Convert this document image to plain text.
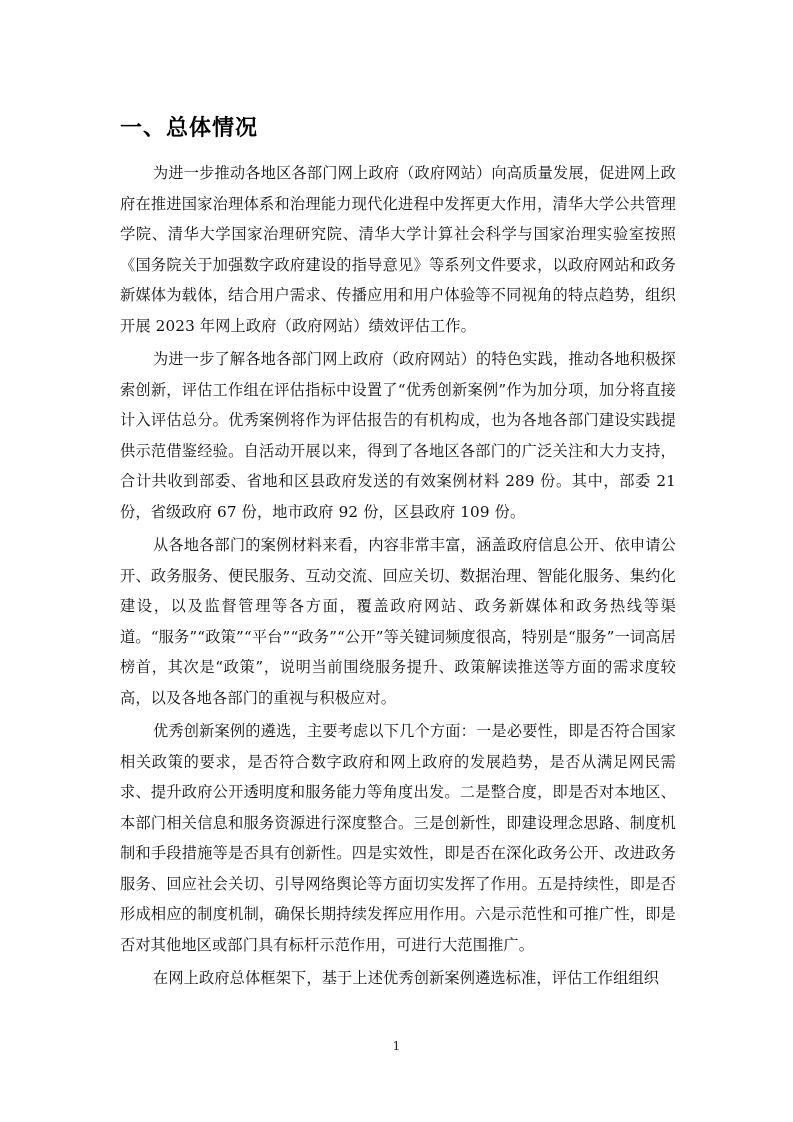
一、总体情况

为进一步推动各地区各部门网上政府（政府网站）向高质量发展，促进网上政府在推进国家治理体系和治理能力现代化进程中发挥更大作用，清华大学公共管理学院、清华大学国家治理研究院、清华大学计算社会科学与国家治理实验室按照《国务院关于加强数字政府建设的指导意见》等系列文件要求，以政府网站和政务新媒体为载体，结合用户需求、传播应用和用户体验等不同视角的特点趋势，组织开展 2023 年网上政府（政府网站）绩效评估工作。

为进一步了解各地各部门网上政府（政府网站）的特色实践，推动各地积极探索创新，评估工作组在评估指标中设置了“优秀创新案例”作为加分项，加分将直接计入评估总分。优秀案例将作为评估报告的有机构成，也为各地各部门建设实践提供示范借鉴经验。自活动开展以来，得到了各地区各部门的广泛关注和大力支持，合计共收到部委、省地和区县政府发送的有效案例材料 289 份。其中，部委 21 份，省级政府 67 份，地市政府 92 份，区县政府 109 份。

从各地各部门的案例材料来看，内容非常丰富，涵盖政府信息公开、依申请公开、政务服务、便民服务、互动交流、回应关切、数据治理、智能化服务、集约化建设，以及监督管理等各方面，覆盖政府网站、政务新媒体和政务热线等渠道。“服务”“政策”“平台”“政务”“公开”等关键词频度很高，特别是“服务”一词高居榜首，其次是“政策”，说明当前围绕服务提升、政策解读推送等方面的需求度较高，以及各地各部门的重视与积极应对。

优秀创新案例的遴选，主要考虑以下几个方面：一是必要性，即是否符合国家相关政策的要求，是否符合数字政府和网上政府的发展趋势，是否从满足网民需求、提升政府公开透明度和服务能力等角度出发。二是整合度，即是否对本地区、本部门相关信息和服务资源进行深度整合。三是创新性，即建设理念思路、制度机制和手段措施等是否具有创新性。四是实效性，即是否在深化政务公开、改进政务服务、回应社会关切、引导网络舆论等方面切实发挥了作用。五是持续性，即是否形成相应的制度机制，确保长期持续发挥应用作用。六是示范性和可推广性，即是否对其他地区或部门具有标杆示范作用，可进行大范围推广。

在网上政府总体框架下，基于上述优秀创新案例遴选标准，评估工作组组织

1
